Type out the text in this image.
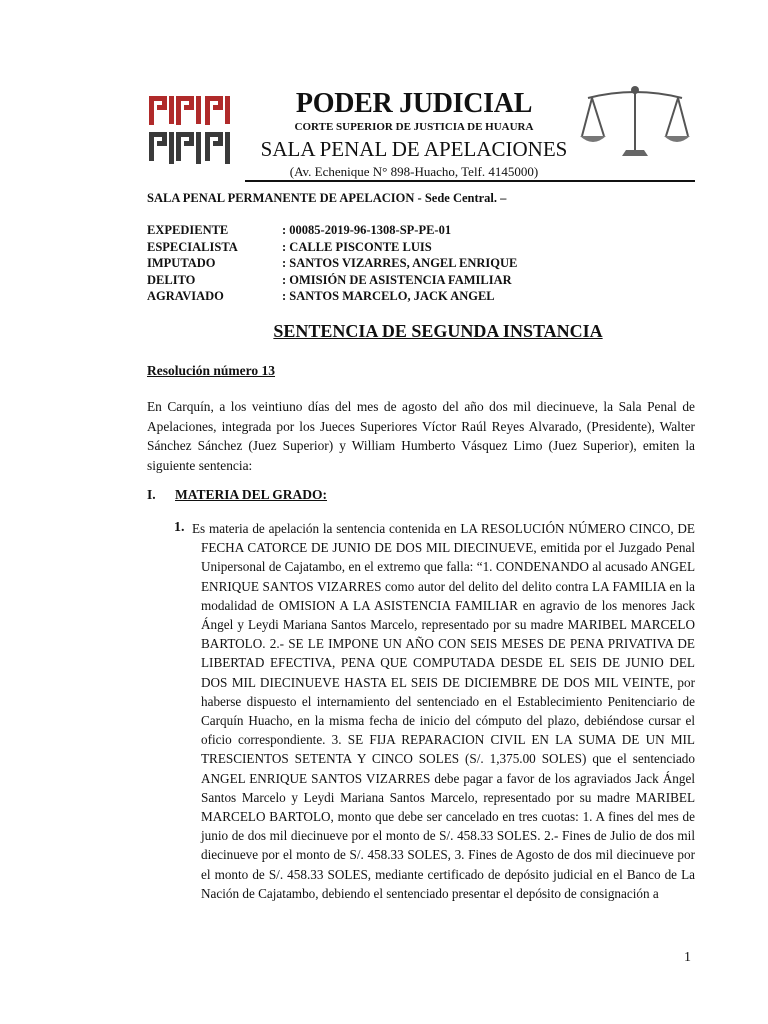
PODER JUDICIAL
CORTE SUPERIOR DE JUSTICIA DE HUAURA
SALA PENAL DE APELACIONES
(Av. Echenique N° 898-Huacho, Telf. 4145000)
SALA PENAL PERMANENTE DE APELACION - Sede Central. –
EXPEDIENTE	: 00085-2019-96-1308-SP-PE-01
ESPECIALISTA	: CALLE PISCONTE LUIS
IMPUTADO	: SANTOS VIZARRES, ANGEL ENRIQUE
DELITO	: OMISIÓN DE ASISTENCIA FAMILIAR
AGRAVIADO	: SANTOS MARCELO, JACK ANGEL
SENTENCIA DE SEGUNDA INSTANCIA
Resolución número 13
En Carquín, a los veintiuno días del mes de agosto del año dos mil diecinueve, la Sala Penal de Apelaciones, integrada por los Jueces Superiores Víctor Raúl Reyes Alvarado, (Presidente), Walter Sánchez Sánchez (Juez Superior) y William Humberto Vásquez Limo (Juez Superior), emiten la siguiente sentencia:
I. MATERIA DEL GRADO:
1. Es materia de apelación la sentencia contenida en LA RESOLUCIÓN NÚMERO CINCO, DE FECHA CATORCE DE JUNIO DE DOS MIL DIECINUEVE, emitida por el Juzgado Penal Unipersonal de Cajatambo, en el extremo que falla: “1. CONDENANDO al acusado ANGEL ENRIQUE SANTOS VIZARRES como autor del delito del delito contra LA FAMILIA en la modalidad de OMISION A LA ASISTENCIA FAMILIAR en agravio de los menores Jack Ángel y Leydi Mariana Santos Marcelo, representado por su madre MARIBEL MARCELO BARTOLO. 2.- SE LE IMPONE UN AÑO CON SEIS MESES DE PENA PRIVATIVA DE LIBERTAD EFECTIVA, PENA QUE COMPUTADA DESDE EL SEIS DE JUNIO DEL DOS MIL DIECINUEVE HASTA EL SEIS DE DICIEMBRE DE DOS MIL VEINTE, por haberse dispuesto el internamiento del sentenciado en el Establecimiento Penitenciario de Carquín Huacho, en la misma fecha de inicio del cómputo del plazo, debiéndose cursar el oficio correspondiente. 3. SE FIJA REPARACION CIVIL EN LA SUMA DE UN MIL TRESCIENTOS SETENTA Y CINCO SOLES (S/. 1,375.00 SOLES) que el sentenciado ANGEL ENRIQUE SANTOS VIZARRES debe pagar a favor de los agraviados Jack Ángel Santos Marcelo y Leydi Mariana Santos Marcelo, representado por su madre MARIBEL MARCELO BARTOLO, monto que debe ser cancelado en tres cuotas: 1. A fines del mes de junio de dos mil diecinueve por el monto de S/. 458.33 SOLES. 2.- Fines de Julio de dos mil diecinueve por el monto de S/. 458.33 SOLES, 3. Fines de Agosto de dos mil diecinueve por el monto de S/. 458.33 SOLES, mediante certificado de depósito judicial en el Banco de La Nación de Cajatambo, debiendo el sentenciado presentar el depósito de consignación a
1
